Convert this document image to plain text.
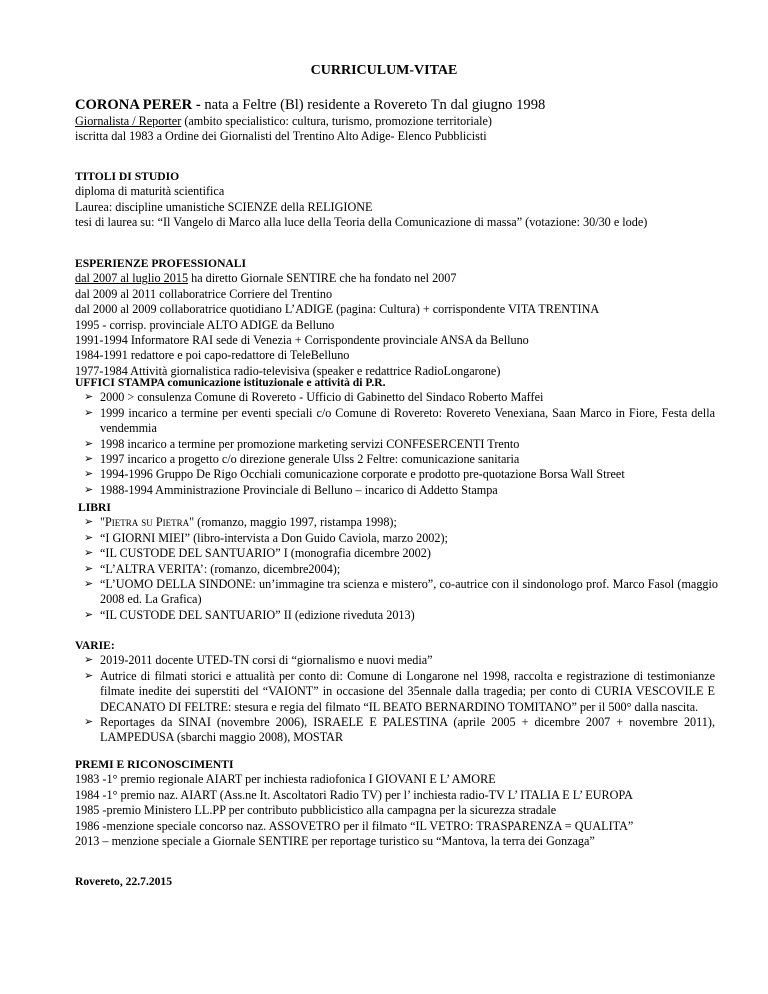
CURRICULUM-VITAE
CORONA PERER - nata a Feltre (Bl) residente a Rovereto Tn dal giugno 1998
Giornalista / Reporter (ambito specialistico: cultura, turismo, promozione territoriale)
iscritta dal 1983 a Ordine dei Giornalisti del Trentino Alto Adige- Elenco Pubblicisti
TITOLI DI STUDIO
diploma di maturità scientifica
Laurea: discipline umanistiche SCIENZE della RELIGIONE
tesi di laurea su: “Il Vangelo di Marco alla luce della Teoria della Comunicazione di massa” (votazione: 30/30 e lode)
ESPERIENZE PROFESSIONALI
dal 2007 al luglio 2015 ha diretto Giornale SENTIRE che ha fondato nel 2007
dal 2009 al 2011 collaboratrice Corriere del Trentino
dal 2000 al 2009 collaboratrice quotidiano L’ADIGE (pagina: Cultura) + corrispondente VITA TRENTINA
1995 - corrisp. provinciale ALTO ADIGE da Belluno
1991-1994 Informatore RAI sede di Venezia + Corrispondente provinciale ANSA da Belluno
1984-1991 redattore e poi capo-redattore di TeleBelluno
1977-1984 Attività giornalistica radio-televisiva (speaker e redattrice RadioLongarone)
UFFICI STAMPA comunicazione istituzionale e attività di P.R.
➢ 2000 > consulenza Comune di Rovereto - Ufficio di Gabinetto del Sindaco Roberto Maffei
➢ 1999 incarico a termine per eventi speciali c/o Comune di Rovereto: Rovereto Venexiana, Saan Marco in Fiore, Festa della vendemmia
➢ 1998 incarico a termine per promozione marketing servizi CONFESERCENTI Trento
➢ 1997 incarico a progetto c/o direzione generale Ulss 2 Feltre: comunicazione sanitaria
➢ 1994-1996 Gruppo De Rigo Occhiali comunicazione corporate e prodotto pre-quotazione Borsa Wall Street
➢ 1988-1994 Amministrazione Provinciale di Belluno – incarico di Addetto Stampa
LIBRI
➢ "Pietra su Pietra" (romanzo, maggio 1997, ristampa 1998);
➢ “I GIORNI MIEI” (libro-intervista a Don Guido Caviola, marzo 2002);
➢ “IL CUSTODE DEL SANTUARIO” I (monografia dicembre 2002)
➢ “L’ALTRA VERITA’: (romanzo, dicembre2004);
➢ “L’UOMO DELLA SINDONE: un’immagine tra scienza e mistero”, co-autrice con il sindonologo prof. Marco Fasol (maggio 2008 ed. La Grafica)
➢ “IL CUSTODE DEL SANTUARIO” II (edizione riveduta 2013)
VARIE:
➢ 2019-2011 docente UTED-TN corsi di “giornalismo e nuovi media”
➢ Autrice di filmati storici e attualità per conto di: Comune di Longarone nel 1998, raccolta e registrazione di testimonianze filmate inedite dei superstiti del “VAIONT” in occasione del 35ennale dalla tragedia; per conto di CURIA VESCOVILE E DECANATO DI FELTRE: stesura e regia del filmato “IL BEATO BERNARDINO TOMITANO” per il 500° dalla nascita.
➢ Reportages da SINAI (novembre 2006), ISRAELE E PALESTINA (aprile 2005 + dicembre 2007 + novembre 2011), LAMPEDUSA (sbarchi maggio 2008), MOSTAR
PREMI E RICONOSCIMENTI
1983 -1° premio regionale AIART per inchiesta radiofonica I GIOVANI E L’ AMORE
1984 -1° premio naz. AIART (Ass.ne It. Ascoltatori Radio TV) per l’ inchiesta radio-TV L’ ITALIA E L’ EUROPA
1985 -premio Ministero LL.PP per contributo pubblicistico alla campagna per la sicurezza stradale
1986 -menzione speciale concorso naz. ASSOVETRO per il filmato “IL VETRO: TRASPARENZA = QUALITA”
2013 – menzione speciale a Giornale SENTIRE per reportage turistico su “Mantova, la terra dei Gonzaga”
Rovereto, 22.7.2015
